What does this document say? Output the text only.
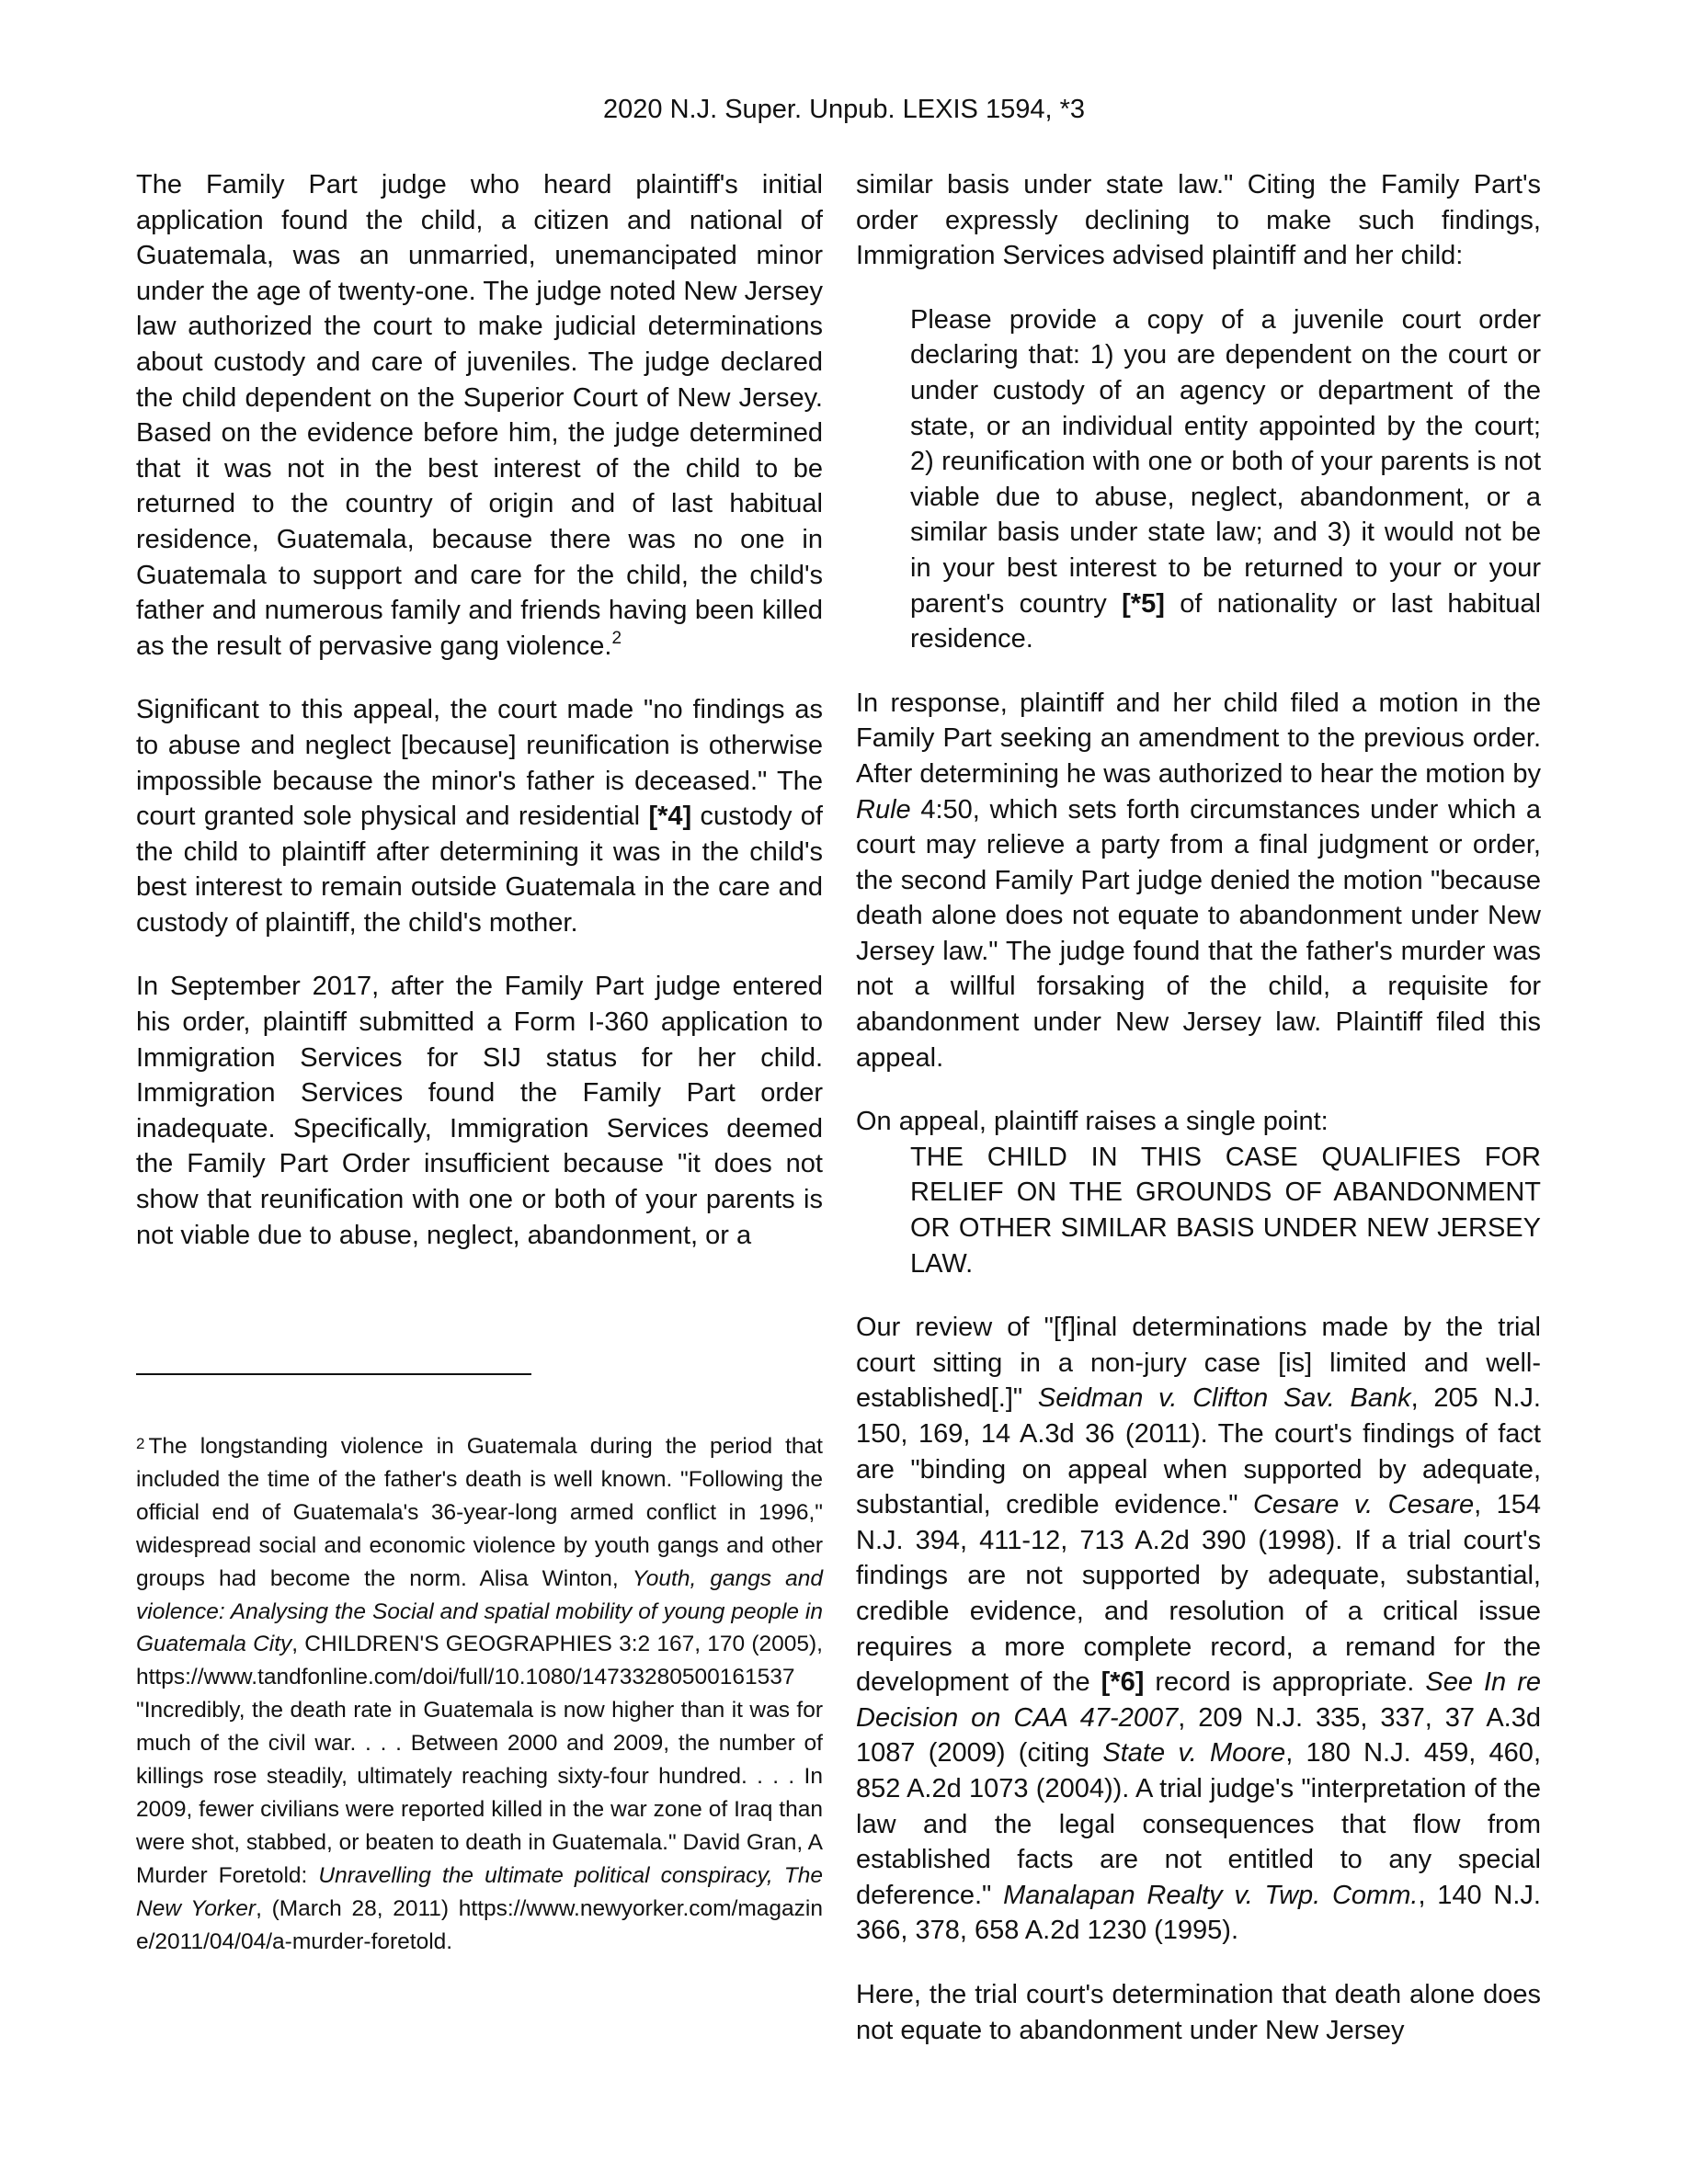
2020 N.J. Super. Unpub. LEXIS 1594, *3

The Family Part judge who heard plaintiff's initial application found the child, a citizen and national of Guatemala, was an unmarried, unemancipated minor under the age of twenty-one. The judge noted New Jersey law authorized the court to make judicial determinations about custody and care of juveniles. The judge declared the child dependent on the Superior Court of New Jersey. Based on the evidence before him, the judge determined that it was not in the best interest of the child to be returned to the country of origin and of last habitual residence, Guatemala, because there was no one in Guatemala to support and care for the child, the child's father and numerous family and friends having been killed as the result of pervasive gang violence.$^2$

Significant to this appeal, the court made "no findings as to abuse and neglect [because] reunification is otherwise impossible because the minor's father is deceased." The court granted sole physical and residential [*4] custody of the child to plaintiff after determining it was in the child's best interest to remain outside Guatemala in the care and custody of plaintiff, the child's mother.

In September 2017, after the Family Part judge entered his order, plaintiff submitted a Form I-360 application to Immigration Services for SIJ status for her child. Immigration Services found the Family Part order inadequate. Specifically, Immigration Services deemed the Family Part Order insufficient because "it does not show that reunification with one or both of your parents is not viable due to abuse, neglect, abandonment, or a

$^2$ The longstanding violence in Guatemala during the period that included the time of the father's death is well known. "Following the official end of Guatemala's 36-year-long armed conflict in 1996," widespread social and economic violence by youth gangs and other groups had become the norm. Alisa Winton, Youth, gangs and violence: Analysing the Social and spatial mobility of young people in Guatemala City, CHILDREN'S GEOGRAPHIES 3:2 167, 170 (2005), https://www.tandfonline.com/doi/full/10.1080/14733280500161537 "Incredibly, the death rate in Guatemala is now higher than it was for much of the civil war. . . . Between 2000 and 2009, the number of killings rose steadily, ultimately reaching sixty-four hundred. . . . In 2009, fewer civilians were reported killed in the war zone of Iraq than were shot, stabbed, or beaten to death in Guatemala." David Gran, A Murder Foretold: Unravelling the ultimate political conspiracy, The New Yorker, (March 28, 2011) https://www.newyorker.com/magazine/2011/04/04/a-murder-foretold.

similar basis under state law." Citing the Family Part's order expressly declining to make such findings, Immigration Services advised plaintiff and her child:

Please provide a copy of a juvenile court order declaring that: 1) you are dependent on the court or under custody of an agency or department of the state, or an individual entity appointed by the court; 2) reunification with one or both of your parents is not viable due to abuse, neglect, abandonment, or a similar basis under state law; and 3) it would not be in your best interest to be returned to your or your parent's country [*5] of nationality or last habitual residence.

In response, plaintiff and her child filed a motion in the Family Part seeking an amendment to the previous order. After determining he was authorized to hear the motion by Rule 4:50, which sets forth circumstances under which a court may relieve a party from a final judgment or order, the second Family Part judge denied the motion "because death alone does not equate to abandonment under New Jersey law." The judge found that the father's murder was not a willful forsaking of the child, a requisite for abandonment under New Jersey law. Plaintiff filed this appeal.

On appeal, plaintiff raises a single point:

THE CHILD IN THIS CASE QUALIFIES FOR RELIEF ON THE GROUNDS OF ABANDONMENT OR OTHER SIMILAR BASIS UNDER NEW JERSEY LAW.

Our review of "[f]inal determinations made by the trial court sitting in a non-jury case [is] limited and well-established[.]" Seidman v. Clifton Sav. Bank, 205 N.J. 150, 169, 14 A.3d 36 (2011). The court's findings of fact are "binding on appeal when supported by adequate, substantial, credible evidence." Cesare v. Cesare, 154 N.J. 394, 411-12, 713 A.2d 390 (1998). If a trial court's findings are not supported by adequate, substantial, credible evidence, and resolution of a critical issue requires a more complete record, a remand for the development of the [*6] record is appropriate. See In re Decision on CAA 47-2007, 209 N.J. 335, 337, 37 A.3d 1087 (2009) (citing State v. Moore, 180 N.J. 459, 460, 852 A.2d 1073 (2004)). A trial judge's "interpretation of the law and the legal consequences that flow from established facts are not entitled to any special deference." Manalapan Realty v. Twp. Comm., 140 N.J. 366, 378, 658 A.2d 1230 (1995).

Here, the trial court's determination that death alone does not equate to abandonment under New Jersey
